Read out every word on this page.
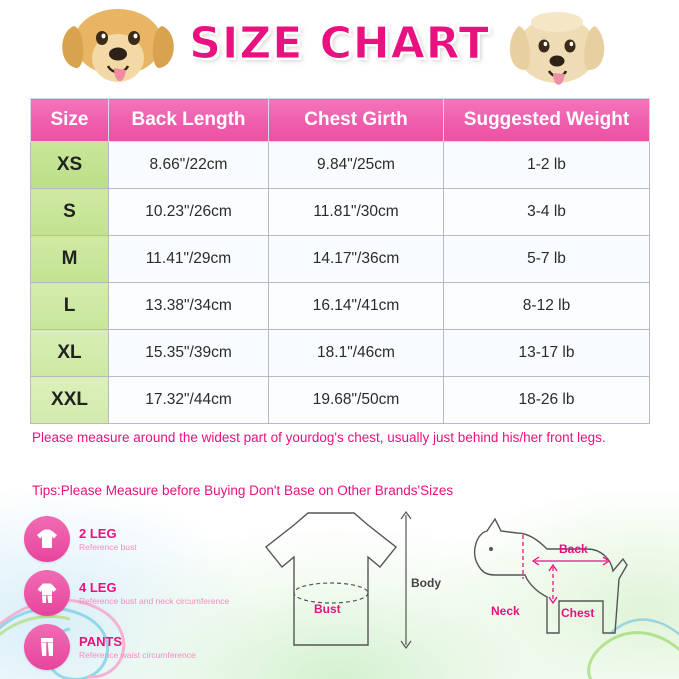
SIZE CHART
Size	Back Length	Chest Girth	Suggested Weight
XS	8.66"/22cm	9.84"/25cm	1-2 lb
S	10.23"/26cm	11.81"/30cm	3-4 lb
M	11.41"/29cm	14.17"/36cm	5-7 lb
L	13.38"/34cm	16.14"/41cm	8-12 lb
XL	15.35"/39cm	18.1"/46cm	13-17 lb
XXL	17.32"/44cm	19.68"/50cm	18-26 lb
Please measure around the widest part of yourdog's chest, usually just behind his/her front legs.
Tips:Please Measure before Buying Don't Base on Other Brands'Sizes
2 LEG
Reference bust
4 LEG
Reference bust and neck circumference
PANTS
Reference waist circumference
Bust
Body
Back
Neck	Chest
